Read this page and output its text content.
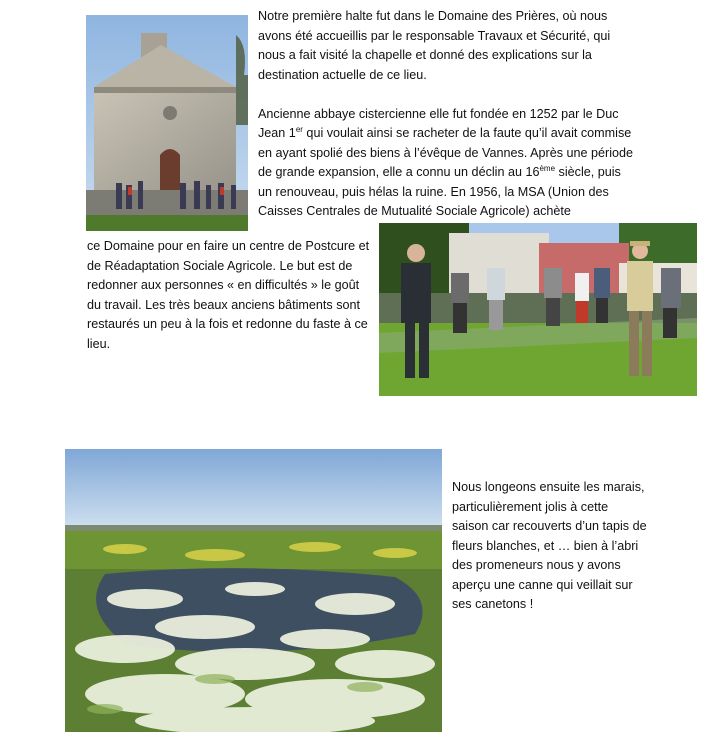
Notre première halte fut dans le Domaine des Prières, où nous avons été accueillis par le responsable Travaux et Sécurité, qui nous a fait visité la chapelle et donné des explications sur la destination actuelle de ce lieu.

Ancienne abbaye cistercienne elle fut fondée en 1252 par le Duc Jean 1er qui voulait ainsi se racheter de la faute qu’il avait commise en ayant spolié des biens à l’évêque de Vannes. Après une période de grande expansion, elle a connu un déclin au 16ème siècle, puis un renouveau, puis hélas la ruine. En 1956, la MSA (Union des Caisses Centrales de Mutualité Sociale Agricole) achète

ce Domaine pour en faire un centre de Postcure et de Réadaptation Sociale Agricole. Le but est de redonner aux personnes « en difficultés » le goût du travail. Les très beaux anciens bâtiments sont restaurés un peu à la fois et redonne du faste à ce lieu.

Nous longeons ensuite les marais, particulièrement jolis à cette saison car recouverts d’un tapis de fleurs blanches, et … bien à l’abri des promeneurs nous y avons aperçu une canne qui veillait sur ses canetons !
